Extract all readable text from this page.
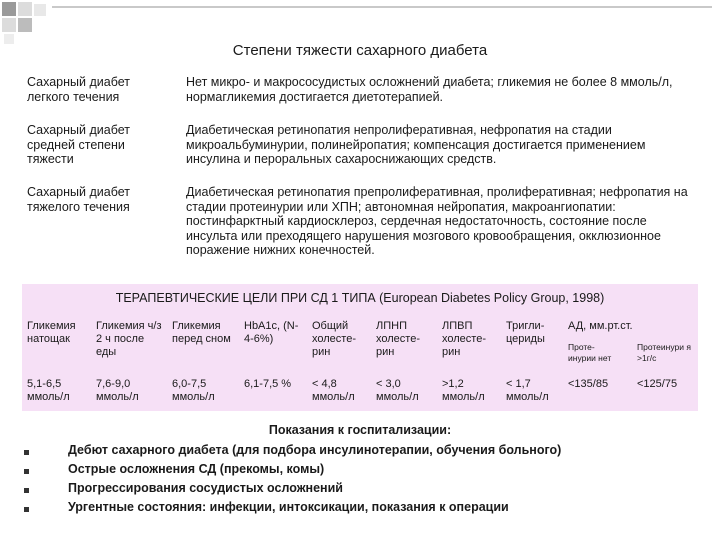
Степени тяжести сахарного диабета
Сахарный диабет легкого течения
Нет микро- и макрососудистых осложнений диабета; гликемия не более 8 ммоль/л, нормагликемия достигается диетотерапией.
Сахарный диабет средней степени тяжести
Диабетическая ретинопатия непролиферативная, нефропатия на стадии микроальбуминурии, полинейропатия; компенсация достигается применением инсулина и пероральных сахароснижающих средств.
Сахарный диабет тяжелого течения
Диабетическая ретинопатия препролиферативная, пролиферативная; нефропатия на стадии протеинурии или ХПН; автономная нейропатия, макроангиопатии: постинфарктный кардиосклероз, сердечная недостаточность, состояние после инсульта или преходящего нарушения мозгового кровообращения, окклюзионное поражение нижних конечностей.
ТЕРАПЕВТИЧЕСКИЕ ЦЕЛИ ПРИ СД 1 ТИПА (European Diabetes Policy Group, 1998)
Гликемия натощак
Гликемия ч/з 2 ч после еды
Гликемия перед сном
НbA1c, (N-4-6%)
Общий холесте-рин
ЛПНП холесте-рин
ЛПВП холесте-рин
Тригли-цериды
АД, мм.рт.ст.
Проте-инурии нет
Протеинури я >1г/с
5,1-6,5 ммоль/л
7,6-9,0 ммоль/л
6,0-7,5 ммоль/л
6,1-7,5 %	< 4,8 ммоль/л
< 3,0 ммоль/л
>1,2 ммоль/л
< 1,7 ммоль/л
<135/85	<125/75
Показания к госпитализации:
Дебют сахарного диабета (для подбора инсулинотерапии, обучения больного)
Острые осложнения СД (прекомы, комы)
Прогрессирования сосудистых осложнений
Ургентные состояния: инфекции, интоксикации, показания к операции
